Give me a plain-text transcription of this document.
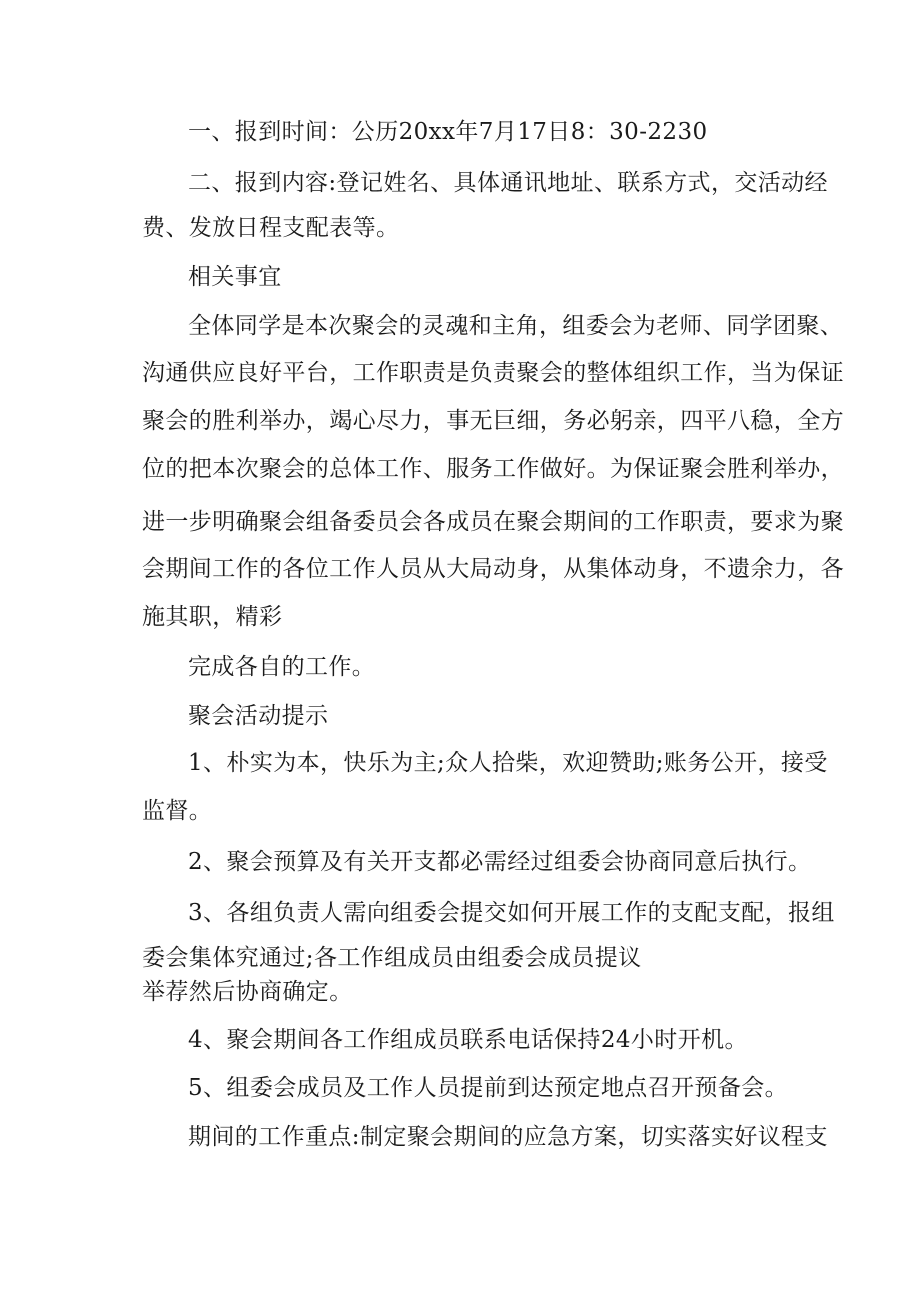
一、报到时间：公历20xx年7月17日8：30-2230

二、报到内容:登记姓名、具体通讯地址、联系方式，交活动经

费、发放日程支配表等。

相关事宜

全体同学是本次聚会的灵魂和主角，组委会为老师、同学团聚、

沟通供应良好平台，工作职责是负责聚会的整体组织工作，当为保证

聚会的胜利举办，竭心尽力，事无巨细，务必躬亲，四平八稳，全方

位的把本次聚会的总体工作、服务工作做好。为保证聚会胜利举办，

进一步明确聚会组备委员会各成员在聚会期间的工作职责，要求为聚

会期间工作的各位工作人员从大局动身，从集体动身，不遗余力，各

施其职，精彩

完成各自的工作。

聚会活动提示

1、朴实为本，快乐为主;众人拾柴，欢迎赞助;账务公开，接受

监督。

2、聚会预算及有关开支都必需经过组委会协商同意后执行。

3、各组负责人需向组委会提交如何开展工作的支配支配，报组

委会集体究通过;各工作组成员由组委会成员提议

举荐然后协商确定。

4、聚会期间各工作组成员联系电话保持24小时开机。

5、组委会成员及工作人员提前到达预定地点召开预备会。

期间的工作重点:制定聚会期间的应急方案，切实落实好议程支
